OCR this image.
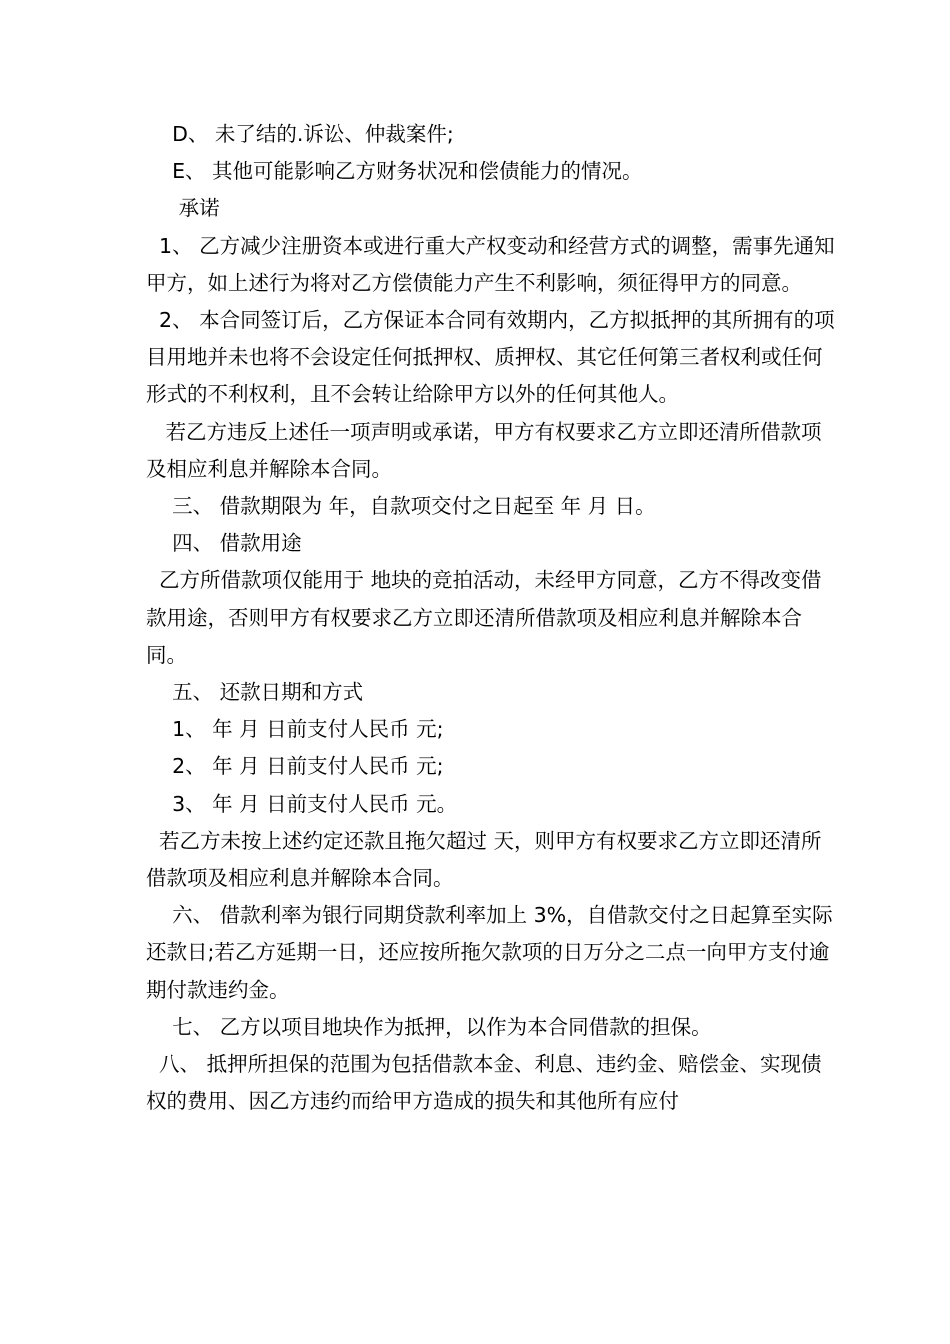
D、 未了结的.诉讼、仲裁案件;

E、 其他可能影响乙方财务状况和偿债能力的情况。

承诺

1、 乙方减少注册资本或进行重大产权变动和经营方式的调整，需事先通知甲方，如上述行为将对乙方偿债能力产生不利影响，须征得甲方的同意。

2、 本合同签订后，乙方保证本合同有效期内，乙方拟抵押的其所拥有的项目用地并未也将不会设定任何抵押权、质押权、其它任何第三者权利或任何形式的不利权利，且不会转让给除甲方以外的任何其他人。

若乙方违反上述任一项声明或承诺，甲方有权要求乙方立即还清所借款项及相应利息并解除本合同。

三、 借款期限为 年，自款项交付之日起至 年 月 日。

四、 借款用途

乙方所借款项仅能用于 地块的竞拍活动，未经甲方同意，乙方不得改变借款用途，否则甲方有权要求乙方立即还清所借款项及相应利息并解除本合同。

五、 还款日期和方式

1、 年 月 日前支付人民币 元;

2、 年 月 日前支付人民币 元;

3、 年 月 日前支付人民币 元。

若乙方未按上述约定还款且拖欠超过 天，则甲方有权要求乙方立即还清所借款项及相应利息并解除本合同。

六、 借款利率为银行同期贷款利率加上 3%，自借款交付之日起算至实际还款日;若乙方延期一日，还应按所拖欠款项的日万分之二点一向甲方支付逾期付款违约金。

七、 乙方以项目地块作为抵押，以作为本合同借款的担保。

八、 抵押所担保的范围为包括借款本金、利息、违约金、赔偿金、实现债权的费用、因乙方违约而给甲方造成的损失和其他所有应付
